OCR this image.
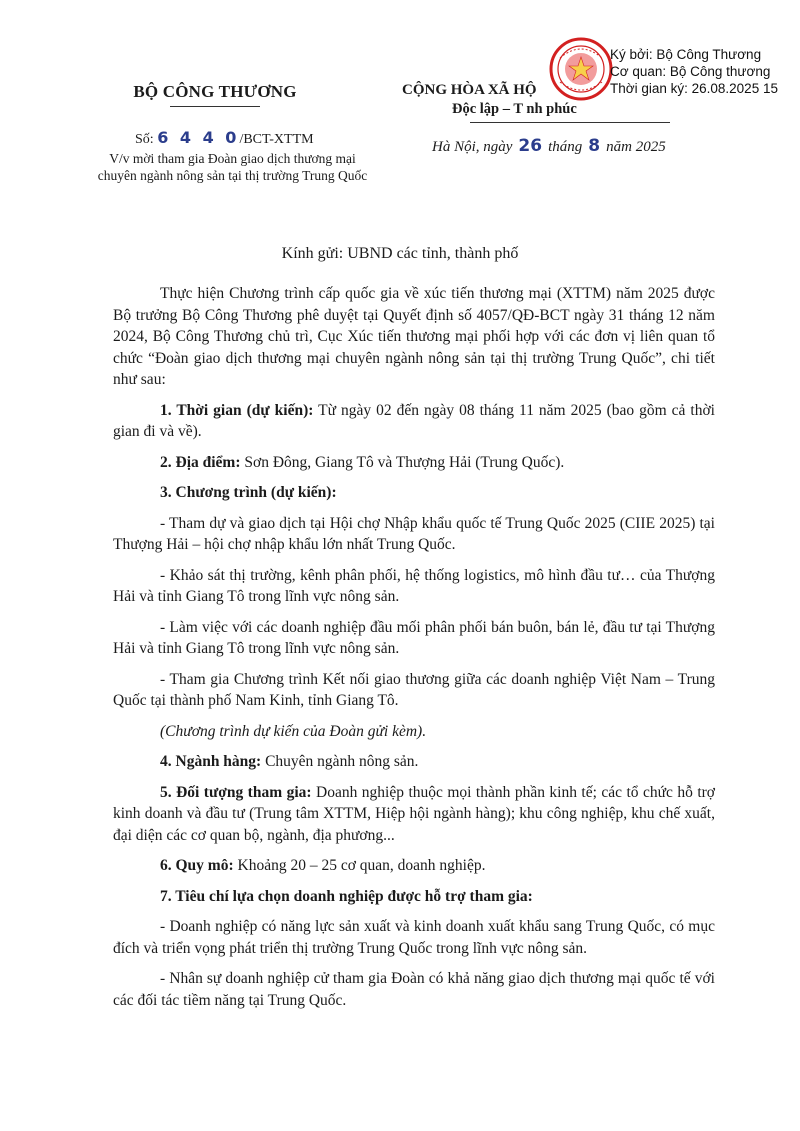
BỘ CÔNG THƯƠNG
Số: 6 4 4 0/BCT-XTTM
V/v mời tham gia Đoàn giao dịch thương mại chuyên ngành nông sản tại thị trường Trung Quốc
CỘNG HÒA XÃ HỘ
Độc lập – T nh phúc
Hà Nội, ngày 26 tháng 8 năm 2025
Ký bởi: Bộ Công Thương
Cơ quan: Bộ Công thương
Thời gian ký: 26.08.2025 15
Kính gửi: UBND các tỉnh, thành phố

Thực hiện Chương trình cấp quốc gia về xúc tiến thương mại (XTTM) năm 2025 được Bộ trưởng Bộ Công Thương phê duyệt tại Quyết định số 4057/QĐ-BCT ngày 31 tháng 12 năm 2024, Bộ Công Thương chủ trì, Cục Xúc tiến thương mại phối hợp với các đơn vị liên quan tổ chức “Đoàn giao dịch thương mại chuyên ngành nông sản tại thị trường Trung Quốc”, chi tiết như sau:

1. Thời gian (dự kiến): Từ ngày 02 đến ngày 08 tháng 11 năm 2025 (bao gồm cả thời gian đi và về).

2. Địa điểm: Sơn Đông, Giang Tô và Thượng Hải (Trung Quốc).

3. Chương trình (dự kiến):

- Tham dự và giao dịch tại Hội chợ Nhập khẩu quốc tế Trung Quốc 2025 (CIIE 2025) tại Thượng Hải – hội chợ nhập khẩu lớn nhất Trung Quốc.

- Khảo sát thị trường, kênh phân phối, hệ thống logistics, mô hình đầu tư… của Thượng Hải và tỉnh Giang Tô trong lĩnh vực nông sản.

- Làm việc với các doanh nghiệp đầu mối phân phối bán buôn, bán lẻ, đầu tư tại Thượng Hải và tỉnh Giang Tô trong lĩnh vực nông sản.

- Tham gia Chương trình Kết nối giao thương giữa các doanh nghiệp Việt Nam – Trung Quốc tại thành phố Nam Kinh, tỉnh Giang Tô.

(Chương trình dự kiến của Đoàn gửi kèm).

4. Ngành hàng: Chuyên ngành nông sản.

5. Đối tượng tham gia: Doanh nghiệp thuộc mọi thành phần kinh tế; các tổ chức hỗ trợ kinh doanh và đầu tư (Trung tâm XTTM, Hiệp hội ngành hàng); khu công nghiệp, khu chế xuất, đại diện các cơ quan bộ, ngành, địa phương...

6. Quy mô: Khoảng 20 – 25 cơ quan, doanh nghiệp.

7. Tiêu chí lựa chọn doanh nghiệp được hỗ trợ tham gia:

- Doanh nghiệp có năng lực sản xuất và kinh doanh xuất khẩu sang Trung Quốc, có mục đích và triển vọng phát triển thị trường Trung Quốc trong lĩnh vực nông sản.

- Nhân sự doanh nghiệp cử tham gia Đoàn có khả năng giao dịch thương mại quốc tế với các đối tác tiềm năng tại Trung Quốc.
